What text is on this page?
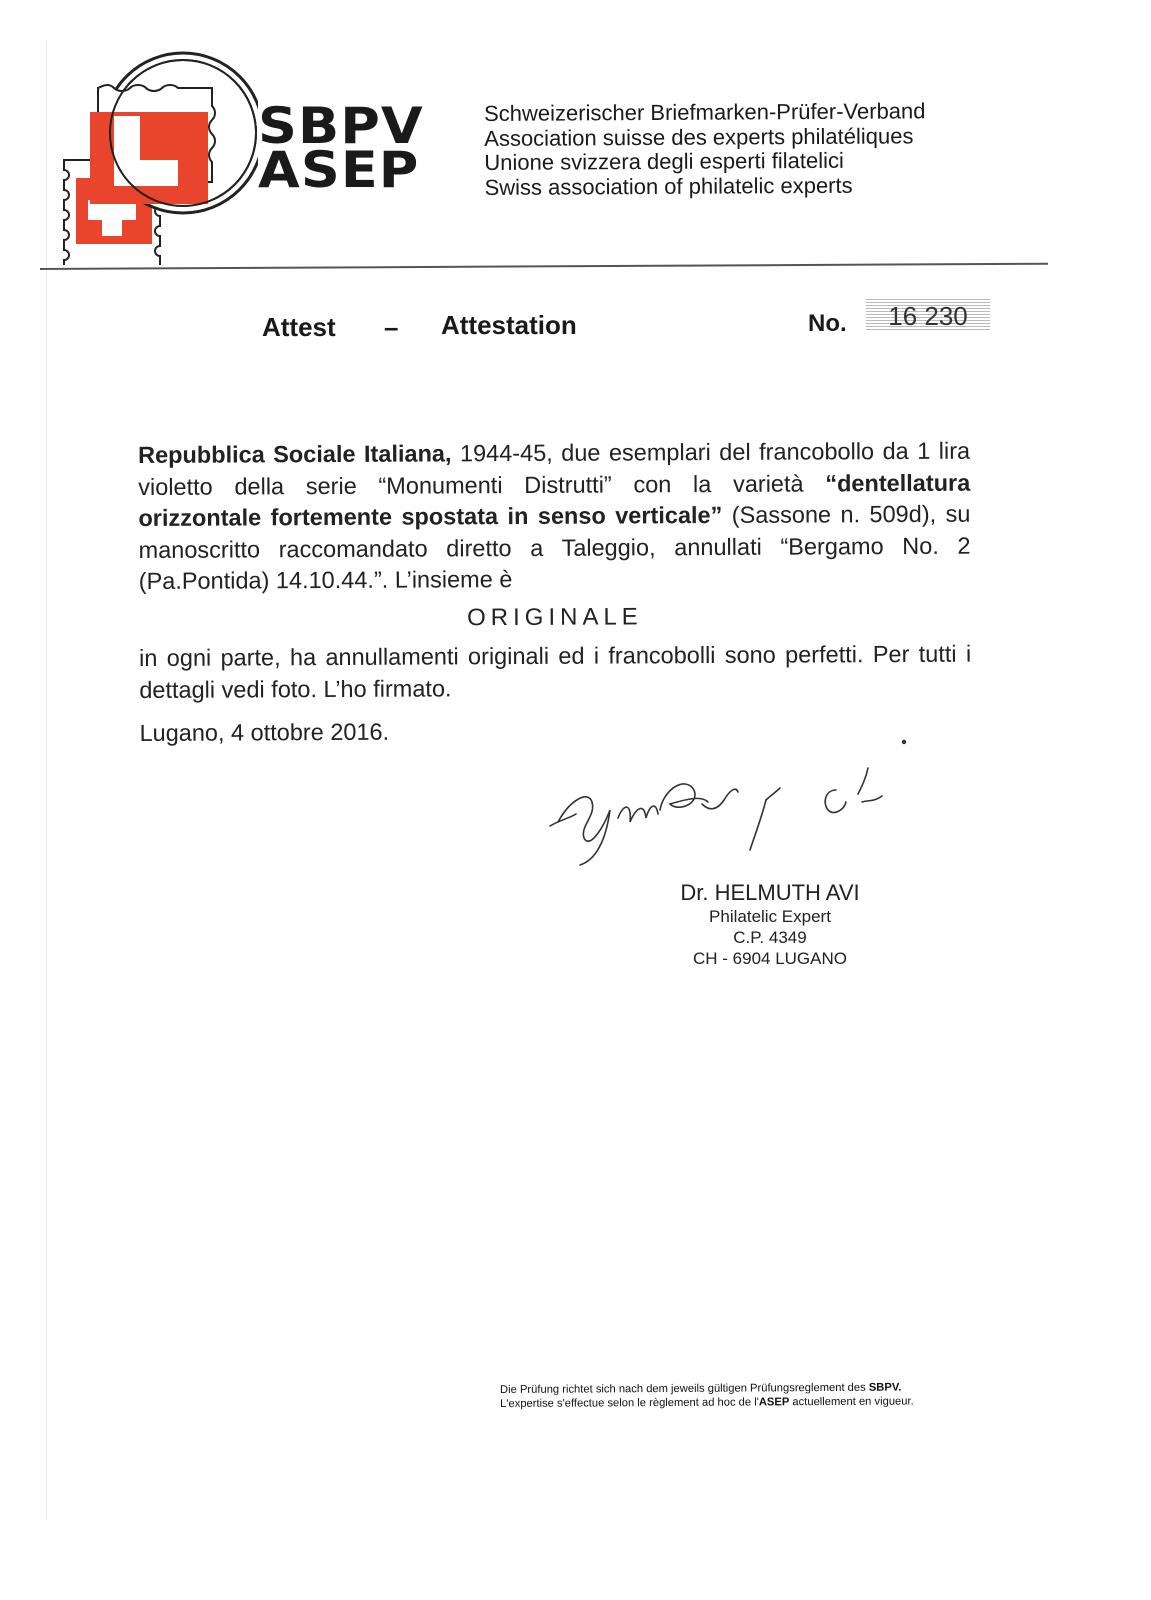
SBPV
ASEP
Schweizerischer Briefmarken-Prüfer-Verband
Association suisse des experts philatéliques
Unione svizzera degli esperti filatelici
Swiss association of philatelic experts
Attest – Attestation	No.	16 230
Repubblica Sociale Italiana, 1944-45, due esemplari del francobollo da 1 lira violetto della serie “Monumenti Distrutti” con la varietà “dentellatura orizzontale fortemente spostata in senso verticale” (Sassone n. 509d), su manoscritto raccomandato diretto a Taleggio, annullati “Bergamo No. 2 (Pa.Pontida) 14.10.44.”. L’insieme è
ORIGINALE
in ogni parte, ha annullamenti originali ed i francobolli sono perfetti. Per tutti i dettagli vedi foto. L’ho firmato.
Lugano, 4 ottobre 2016.
Dr. HELMUTH AVI
Philatelic Expert
C.P. 4349
CH - 6904 LUGANO
Die Prüfung richtet sich nach dem jeweils gültigen Prüfungsreglement des SBPV.
L'expertise s'effectue selon le règlement ad hoc de l'ASEP actuellement en vigueur.
